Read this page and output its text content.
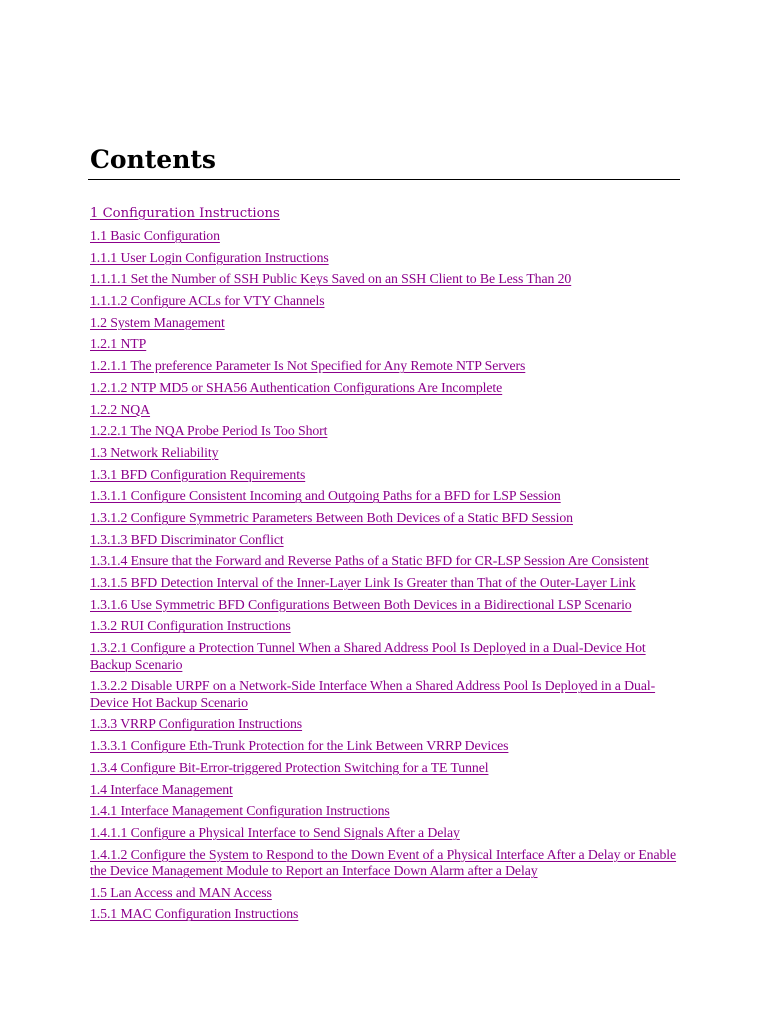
Contents
1 Configuration Instructions
1.1 Basic Configuration
1.1.1 User Login Configuration Instructions
1.1.1.1 Set the Number of SSH Public Keys Saved on an SSH Client to Be Less Than 20
1.1.1.2 Configure ACLs for VTY Channels
1.2 System Management
1.2.1 NTP
1.2.1.1 The preference Parameter Is Not Specified for Any Remote NTP Servers
1.2.1.2 NTP MD5 or SHA56 Authentication Configurations Are Incomplete
1.2.2 NQA
1.2.2.1 The NQA Probe Period Is Too Short
1.3 Network Reliability
1.3.1 BFD Configuration Requirements
1.3.1.1 Configure Consistent Incoming and Outgoing Paths for a BFD for LSP Session
1.3.1.2 Configure Symmetric Parameters Between Both Devices of a Static BFD Session
1.3.1.3 BFD Discriminator Conflict
1.3.1.4 Ensure that the Forward and Reverse Paths of a Static BFD for CR-LSP Session Are Consistent
1.3.1.5 BFD Detection Interval of the Inner-Layer Link Is Greater than That of the Outer-Layer Link
1.3.1.6 Use Symmetric BFD Configurations Between Both Devices in a Bidirectional LSP Scenario
1.3.2 RUI Configuration Instructions
1.3.2.1 Configure a Protection Tunnel When a Shared Address Pool Is Deployed in a Dual-Device Hot Backup Scenario
1.3.2.2 Disable URPF on a Network-Side Interface When a Shared Address Pool Is Deployed in a Dual-Device Hot Backup Scenario
1.3.3 VRRP Configuration Instructions
1.3.3.1 Configure Eth-Trunk Protection for the Link Between VRRP Devices
1.3.4 Configure Bit-Error-triggered Protection Switching for a TE Tunnel
1.4 Interface Management
1.4.1 Interface Management Configuration Instructions
1.4.1.1 Configure a Physical Interface to Send Signals After a Delay
1.4.1.2 Configure the System to Respond to the Down Event of a Physical Interface After a Delay or Enable the Device Management Module to Report an Interface Down Alarm after a Delay
1.5 Lan Access and MAN Access
1.5.1 MAC Configuration Instructions
